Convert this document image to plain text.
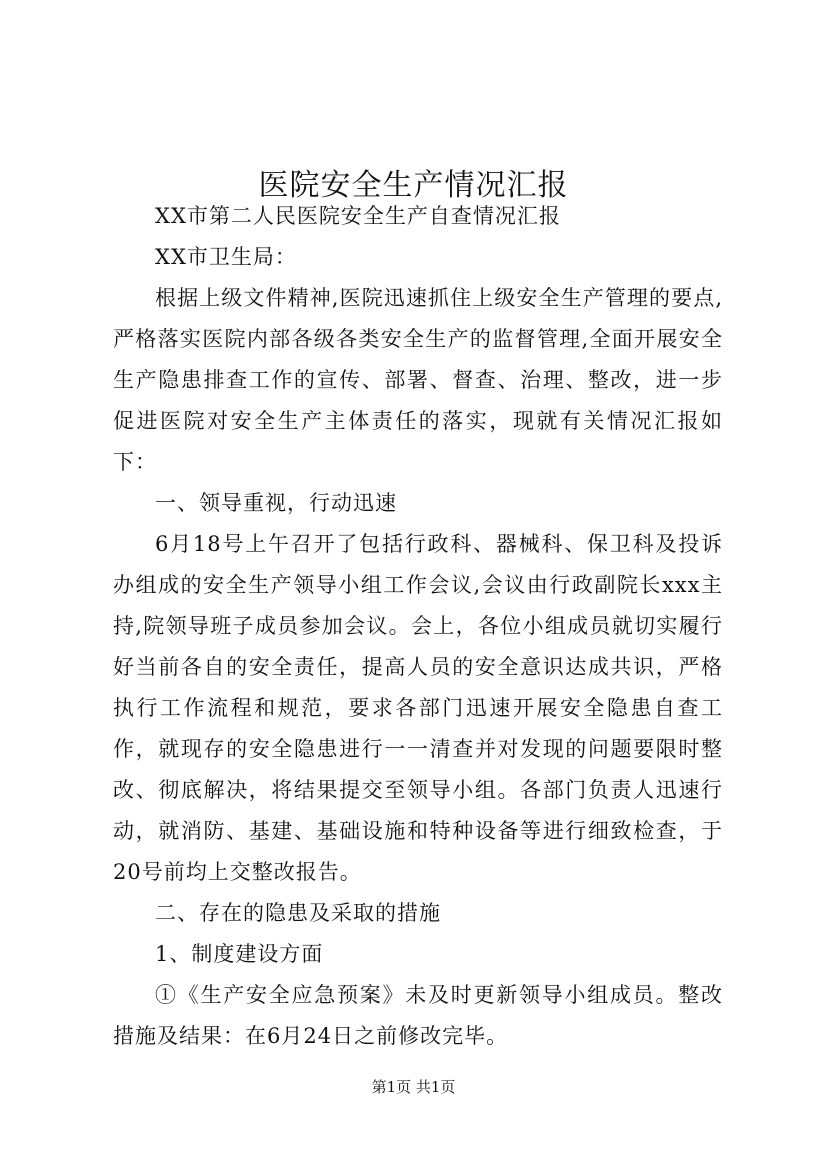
医院安全生产情况汇报

XX市第二人民医院安全生产自查情况汇报

XX市卫生局：

根据上级文件精神,医院迅速抓住上级安全生产管理的要点,严格落实医院内部各级各类安全生产的监督管理,全面开展安全生产隐患排查工作的宣传、部署、督查、治理、整改，进一步促进医院对安全生产主体责任的落实，现就有关情况汇报如下：

一、领导重视，行动迅速

6月18号上午召开了包括行政科、器械科、保卫科及投诉办组成的安全生产领导小组工作会议,会议由行政副院长xxx主持,院领导班子成员参加会议。会上，各位小组成员就切实履行好当前各自的安全责任，提高人员的安全意识达成共识，严格执行工作流程和规范，要求各部门迅速开展安全隐患自查工作，就现存的安全隐患进行一一清查并对发现的问题要限时整改、彻底解决，将结果提交至领导小组。各部门负责人迅速行动，就消防、基建、基础设施和特种设备等进行细致检查，于20号前均上交整改报告。

二、存在的隐患及采取的措施

1、制度建设方面

①《生产安全应急预案》未及时更新领导小组成员。整改措施及结果：在6月24日之前修改完毕。

第1页 共1页
